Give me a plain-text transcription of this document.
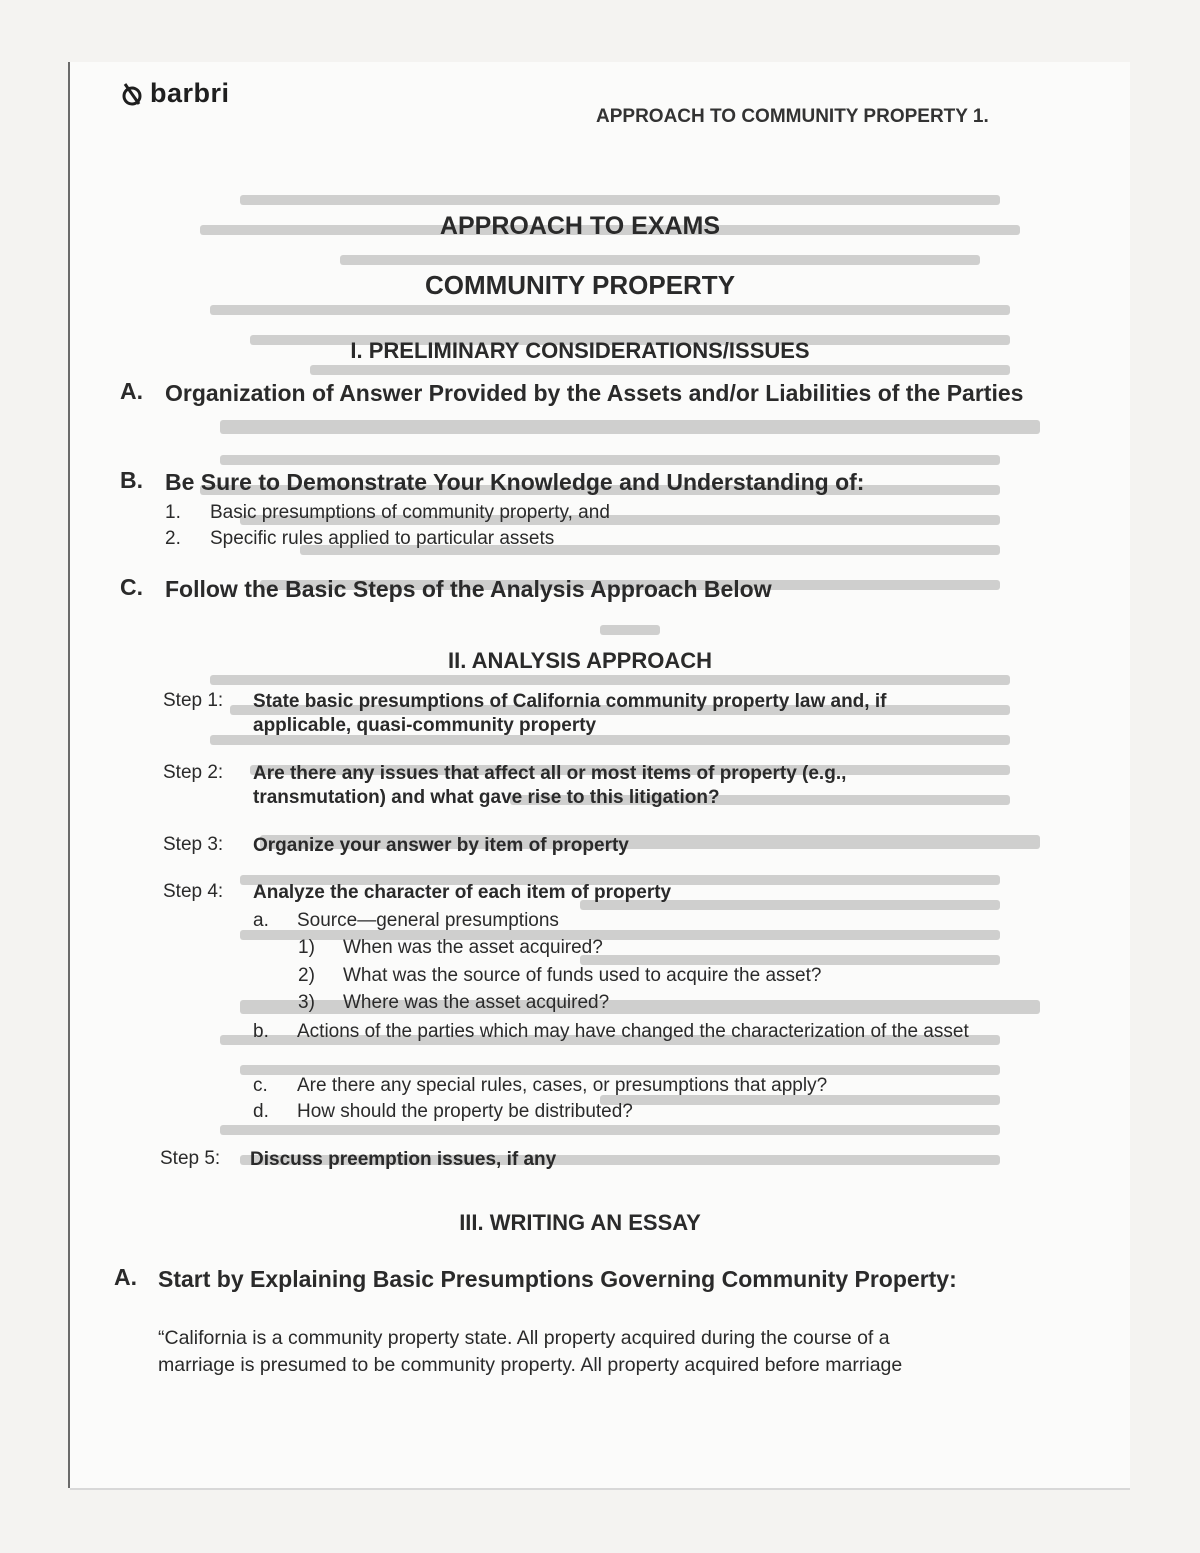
barbri
APPROACH TO COMMUNITY PROPERTY 1.
APPROACH TO EXAMS
COMMUNITY PROPERTY
I. PRELIMINARY CONSIDERATIONS/ISSUES
A. Organization of Answer Provided by the Assets and/or Liabilities of the Parties
B. Be Sure to Demonstrate Your Knowledge and Understanding of:
1. Basic presumptions of community property, and
2. Specific rules applied to particular assets
C. Follow the Basic Steps of the Analysis Approach Below
II. ANALYSIS APPROACH
Step 1: State basic presumptions of California community property law and, if applicable, quasi-community property
Step 2: Are there any issues that affect all or most items of property (e.g., transmutation) and what gave rise to this litigation?
Step 3: Organize your answer by item of property
Step 4: Analyze the character of each item of property
a. Source—general presumptions
1) When was the asset acquired?
2) What was the source of funds used to acquire the asset?
3) Where was the asset acquired?
b. Actions of the parties which may have changed the characterization of the asset
c. Are there any special rules, cases, or presumptions that apply?
d. How should the property be distributed?
Step 5: Discuss preemption issues, if any
III. WRITING AN ESSAY
A. Start by Explaining Basic Presumptions Governing Community Property:
“California is a community property state. All property acquired during the course of a
marriage is presumed to be community property. All property acquired before marriage
